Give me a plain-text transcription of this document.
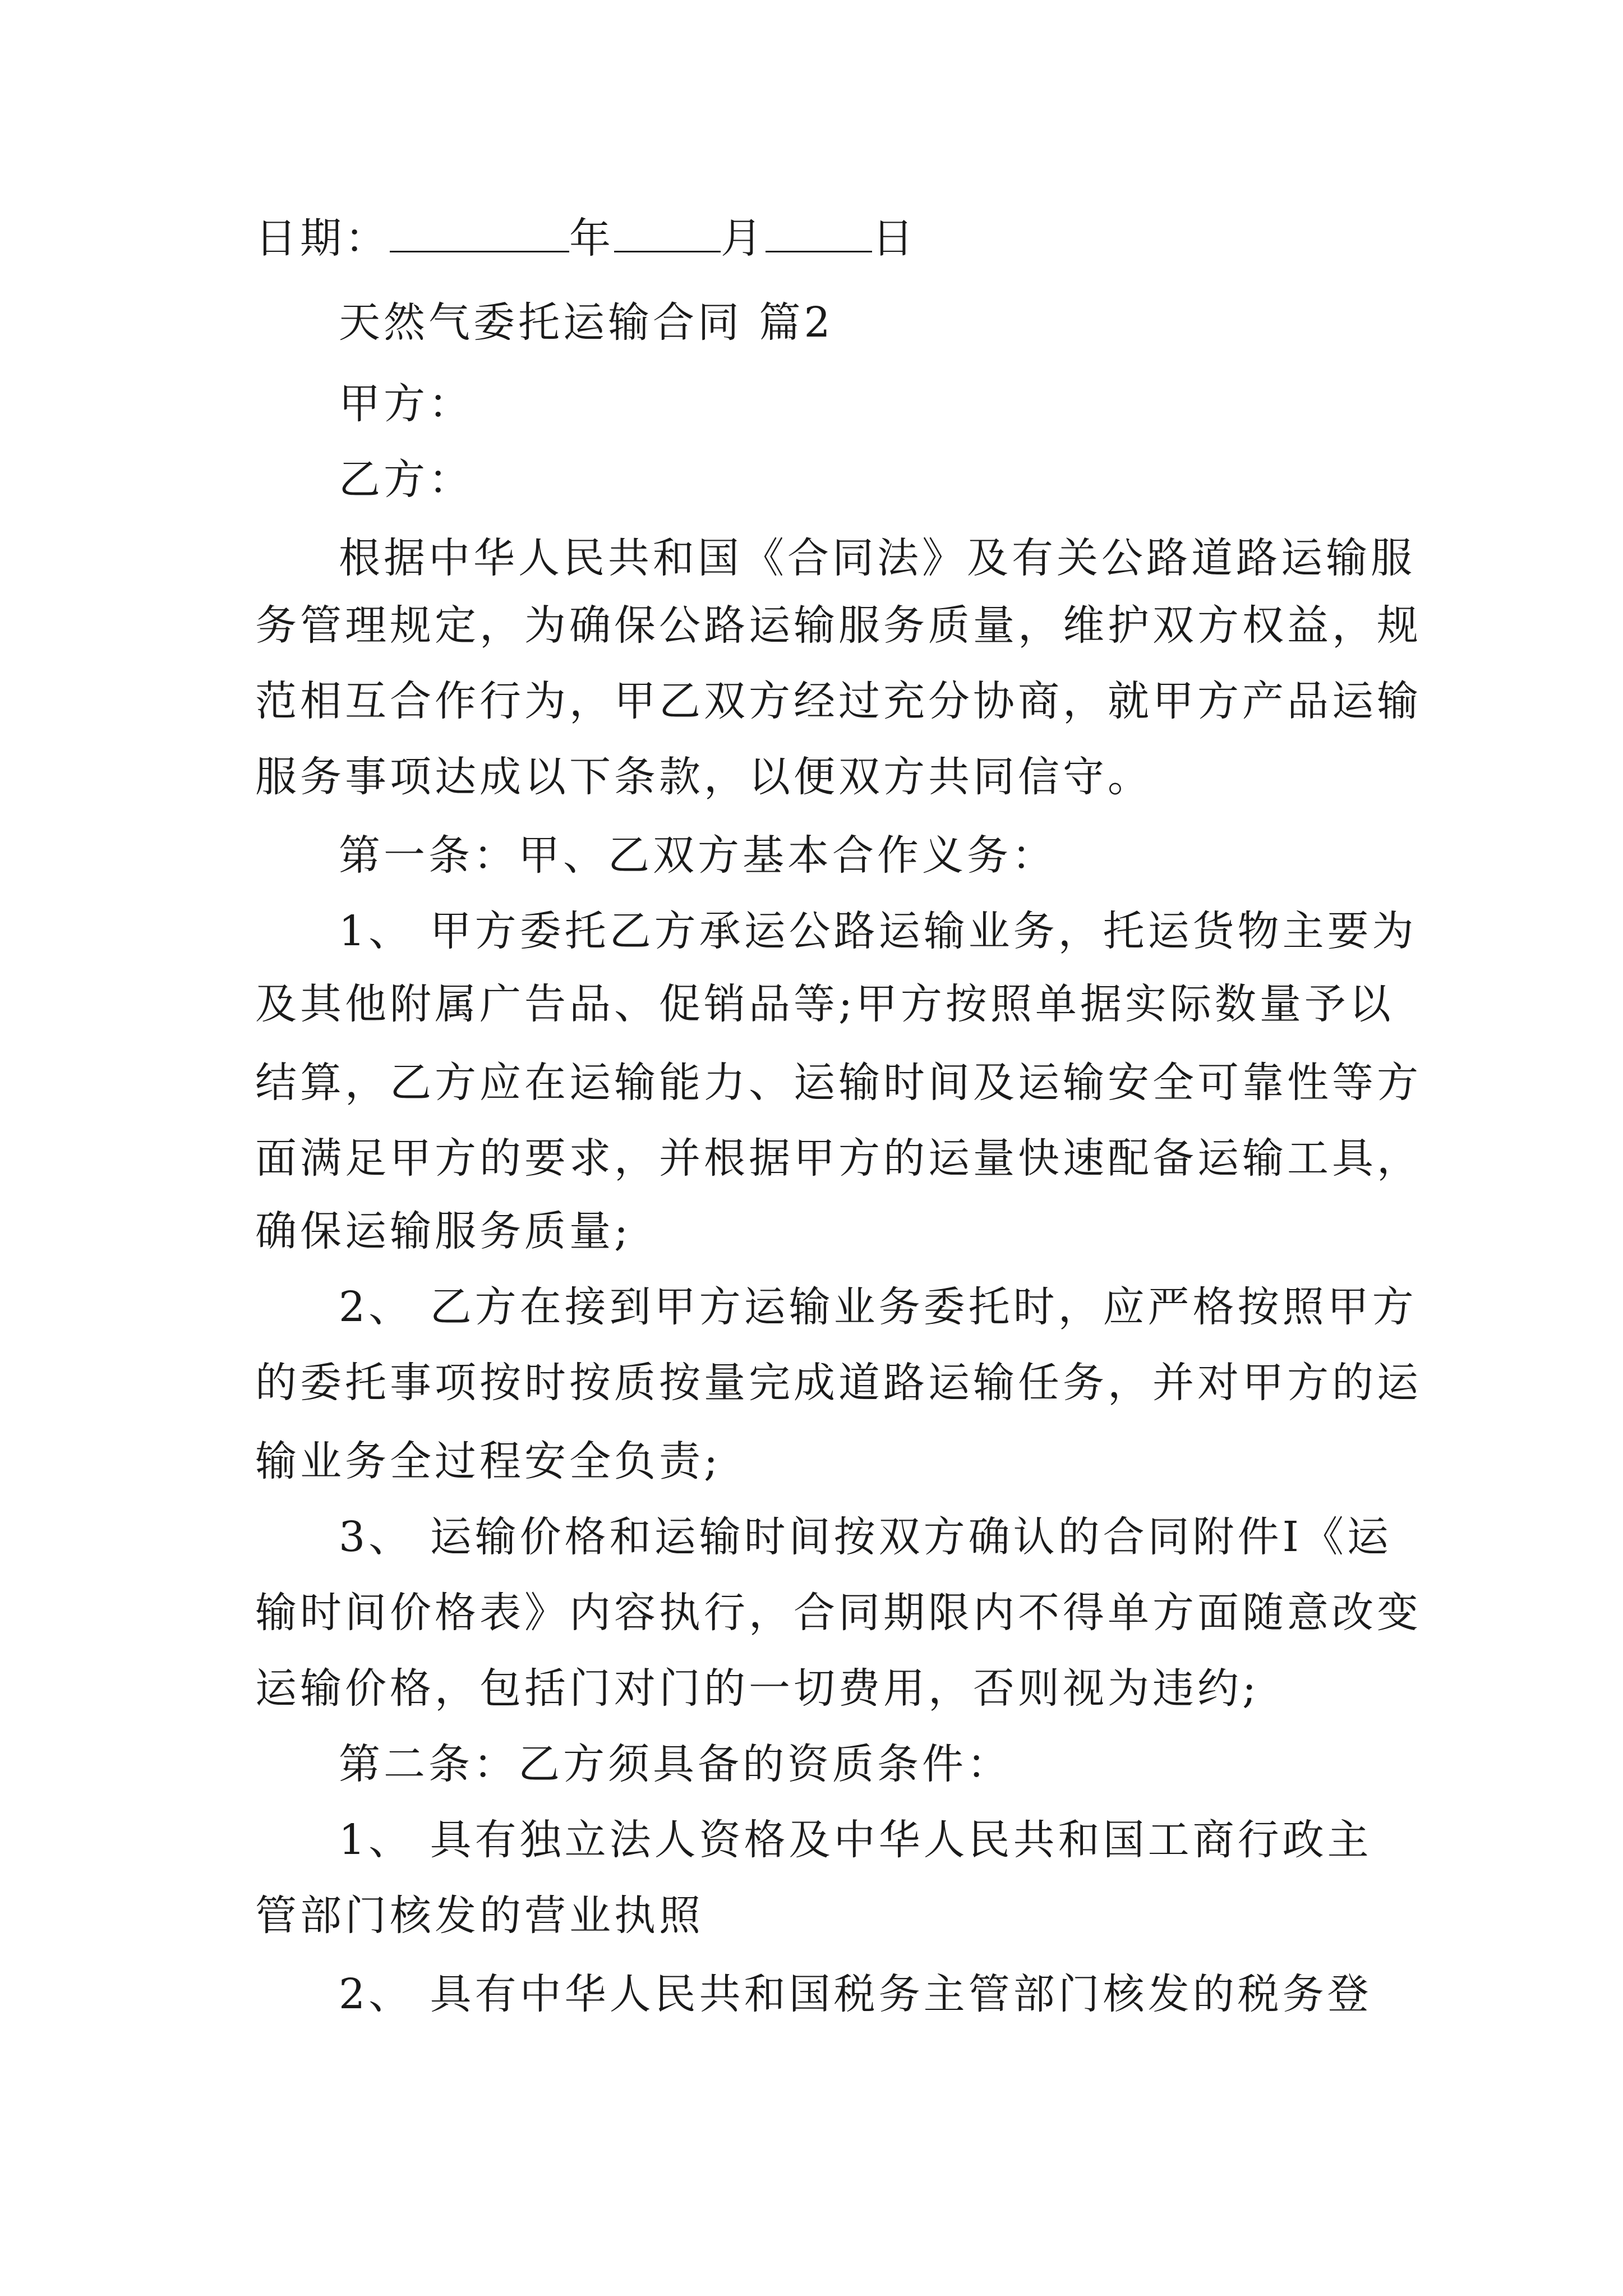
日期：	年	月	日
天然气委托运输合同 篇2
甲方：
乙方：
根据中华人民共和国《合同法》及有关公路道路运输服
务管理规定，为确保公路运输服务质量，维护双方权益，规
范相互合作行为，甲乙双方经过充分协商，就甲方产品运输
服务事项达成以下条款，以便双方共同信守。
第一条：甲、乙双方基本合作义务：
1、 甲方委托乙方承运公路运输业务，托运货物主要为
及其他附属广告品、促销品等;甲方按照单据实际数量予以
结算，乙方应在运输能力、运输时间及运输安全可靠性等方
面满足甲方的要求，并根据甲方的运量快速配备运输工具，
确保运输服务质量;
2、 乙方在接到甲方运输业务委托时，应严格按照甲方
的委托事项按时按质按量完成道路运输任务，并对甲方的运
输业务全过程安全负责;
3、 运输价格和运输时间按双方确认的合同附件I《运
输时间价格表》内容执行，合同期限内不得单方面随意改变
运输价格，包括门对门的一切费用，否则视为违约;
第二条：乙方须具备的资质条件：
1、 具有独立法人资格及中华人民共和国工商行政主
管部门核发的营业执照
2、 具有中华人民共和国税务主管部门核发的税务登
